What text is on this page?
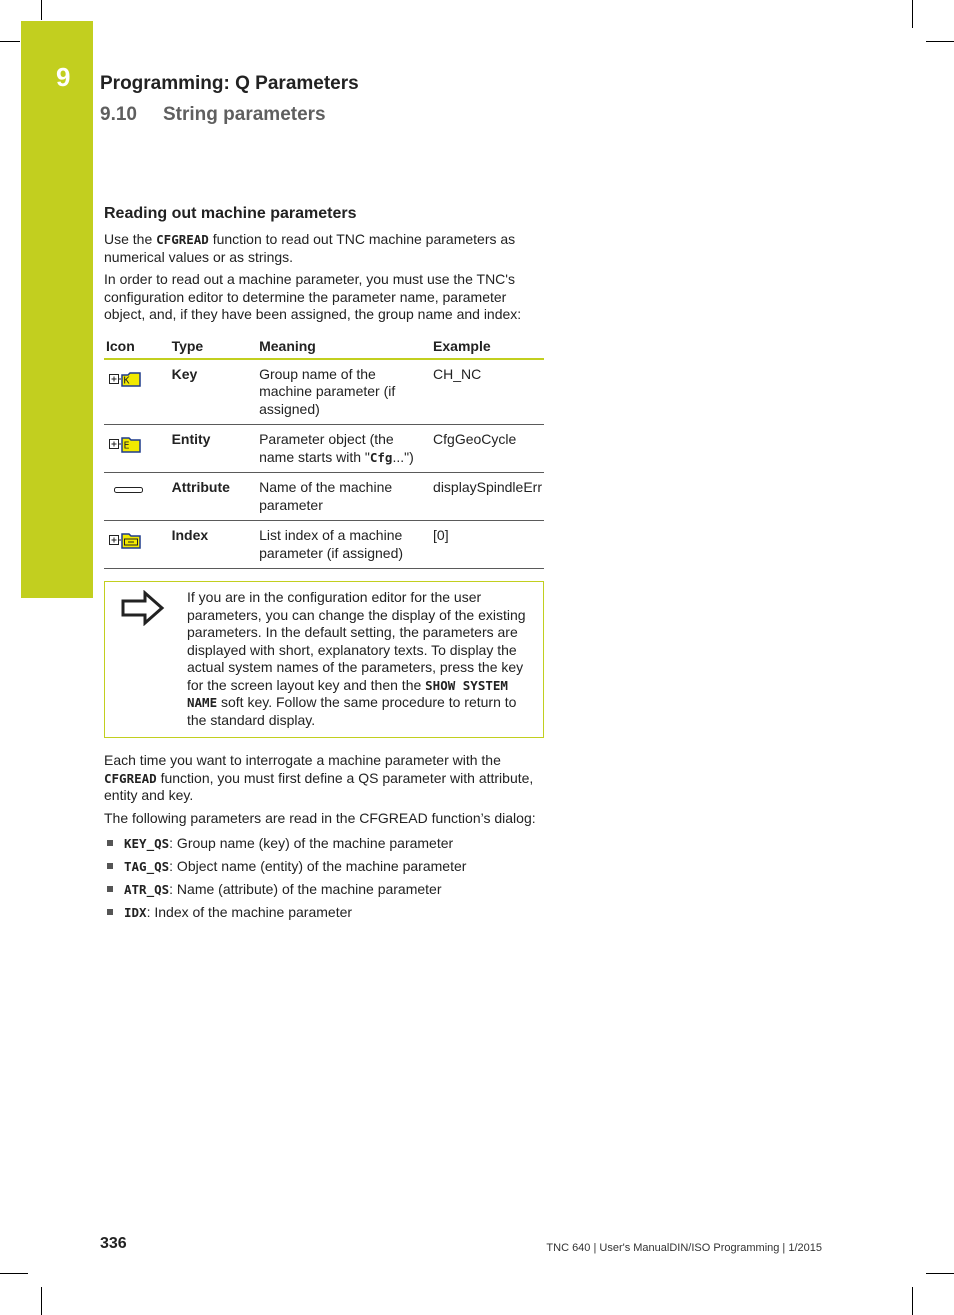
9 Programming: Q Parameters
9.10 String parameters
Reading out machine parameters

Use the CFGREAD function to read out TNC machine parameters as numerical values or as strings.

In order to read out a machine parameter, you must use the TNC's configuration editor to determine the parameter name, parameter object, and, if they have been assigned, the group name and index:

Icon	Type	Meaning	Example

K	Key	Group name of the machine parameter (if assigned)	CH_NC

E	Entity	Parameter object (the name starts with "Cfg...")	CfgGeoCycle
	Attribute	Name of the machine parameter	displaySpindleErr
	Index	List index of a machine parameter (if assigned)	[0]
If you are in the configuration editor for the user parameters, you can change the display of the existing parameters. In the default setting, the parameters are displayed with short, explanatory texts. To display the actual system names of the parameters, press the key for the screen layout key and then the SHOW SYSTEM NAME soft key. Follow the same procedure to return to the standard display.

Each time you want to interrogate a machine parameter with the CFGREAD function, you must first define a QS parameter with attribute, entity and key.

The following parameters are read in the CFGREAD function’s dialog:

KEY_QS: Group name (key) of the machine parameter
TAG_QS: Object name (entity) of the machine parameter
ATR_QS: Name (attribute) of the machine parameter
IDX: Index of the machine parameter
336	TNC 640 | User's ManualDIN/ISO Programming | 1/2015
